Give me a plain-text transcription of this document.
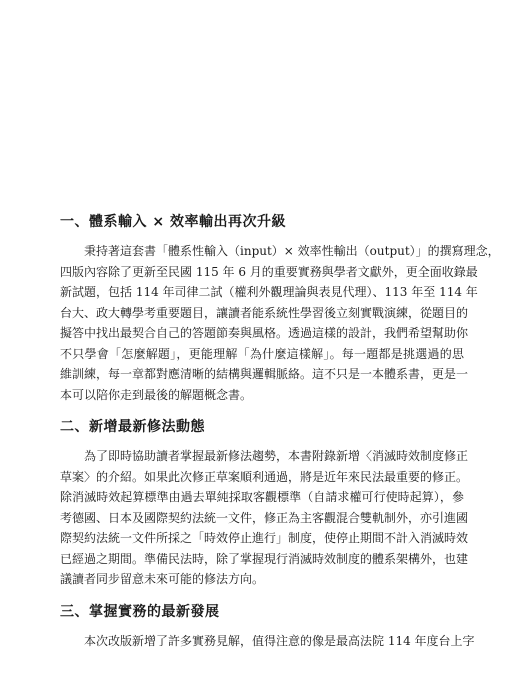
一、體系輸入 × 效率輸出再次升級
秉持著這套書「體系性輸入（input）× 效率性輸出（output）」的撰寫理念，
四版內容除了更新至民國 115 年 6 月的重要實務與學者文獻外，更全面收錄最
新試題，包括 114 年司律二試（權利外觀理論與表見代理）、113 年至 114 年
台大、政大轉學考重要題目，讓讀者能系統性學習後立刻實戰演練，從題目的
擬答中找出最契合自己的答題節奏與風格。透過這樣的設計，我們希望幫助你
不只學會「怎麼解題」，更能理解「為什麼這樣解」。每一題都是挑選過的思
維訓練，每一章都對應清晰的結構與邏輯脈絡。這不只是一本體系書，更是一
本可以陪你走到最後的解題概念書。
二、新增最新修法動態
為了即時協助讀者掌握最新修法趨勢，本書附錄新增〈消滅時效制度修正
草案〉的介紹。如果此次修正草案順利通過，將是近年來民法最重要的修正。
除消滅時效起算標準由過去單純採取客觀標準（自請求權可行使時起算），參
考德國、日本及國際契約法統一文件，修正為主客觀混合雙軌制外，亦引進國
際契約法統一文件所採之「時效停止進行」制度，使停止期間不計入消滅時效
已經過之期間。準備民法時，除了掌握現行消滅時效制度的體系架構外，也建
議讀者同步留意未來可能的修法方向。
三、掌握實務的最新發展
本次改版新增了許多實務見解，值得注意的像是最高法院 114 年度台上字
